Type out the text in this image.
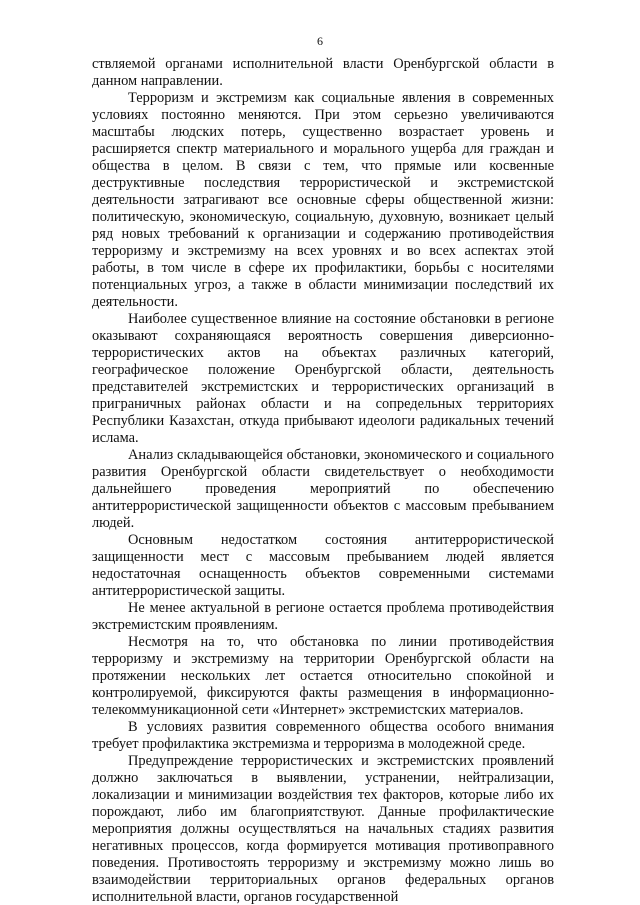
6

ствляемой органами исполнительной власти Оренбургской области в данном направлении.

Терроризм и экстремизм как социальные явления в современных условиях постоянно меняются. При этом серьезно увеличиваются масштабы людских потерь, существенно возрастает уровень и расширяется спектр материального и морального ущерба для граждан и общества в целом. В связи с тем, что прямые или косвенные деструктивные последствия террористической и экстремистской деятельности затрагивают все основные сферы общественной жизни: политическую, экономическую, социальную, духовную, возникает целый ряд новых требований к организации и содержанию противодействия терроризму и экстремизму на всех уровнях и во всех аспектах этой работы, в том числе в сфере их профилактики, борьбы с носителями потенциальных угроз, а также в области минимизации последствий их деятельности.

Наиболее существенное влияние на состояние обстановки в регионе оказывают сохраняющаяся вероятность совершения диверсионно-террористических актов на объектах различных категорий, географическое положение Оренбургской области, деятельность представителей экстремистских и террористических организаций в приграничных районах области и на сопредельных территориях Республики Казахстан, откуда прибывают идеологи радикальных течений ислама.

Анализ складывающейся обстановки, экономического и социального развития Оренбургской области свидетельствует о необходимости дальнейшего проведения мероприятий по обеспечению антитеррористической защищенности объектов с массовым пребыванием людей.

Основным недостатком состояния антитеррористической защищенности мест с массовым пребыванием людей является недостаточная оснащенность объектов современными системами антитеррористической защиты.

Не менее актуальной в регионе остается проблема противодействия экстремистским проявлениям.

Несмотря на то, что обстановка по линии противодействия терроризму и экстремизму на территории Оренбургской области на протяжении нескольких лет остается относительно спокойной и контролируемой, фиксируются факты размещения в информационно-телекоммуникационной сети «Интернет» экстремистских материалов.

В условиях развития современного общества особого внимания требует профилактика экстремизма и терроризма в молодежной среде.

Предупреждение террористических и экстремистских проявлений должно заключаться в выявлении, устранении, нейтрализации, локализации и минимизации воздействия тех факторов, которые либо их порождают, либо им благоприятствуют. Данные профилактические мероприятия должны осуществляться на начальных стадиях развития негативных процессов, когда формируется мотивация противоправного поведения. Противостоять терроризму и экстремизму можно лишь во взаимодействии территориальных органов федеральных органов исполнительной власти, органов государственной
